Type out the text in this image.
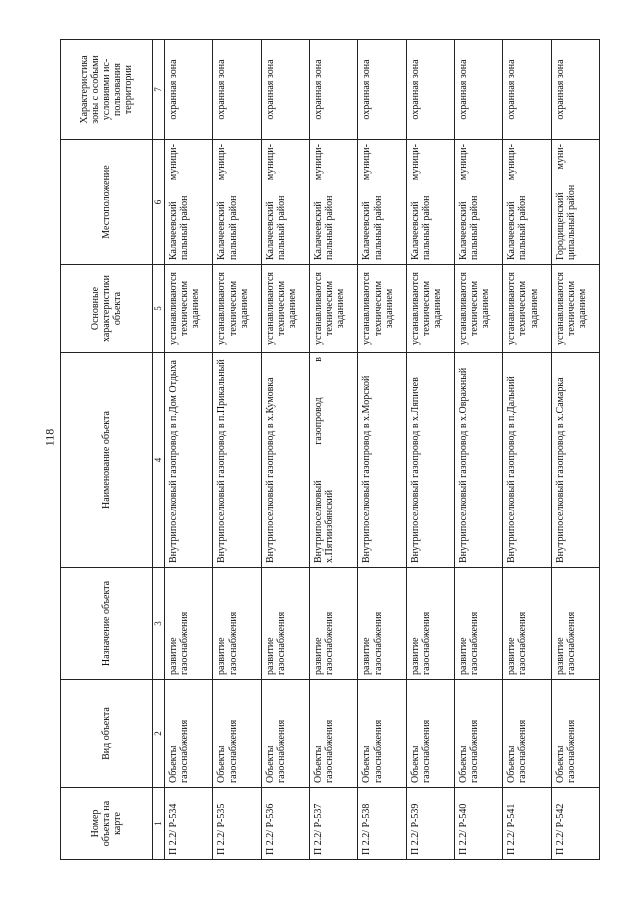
118
Номер объекта на карте	Вид объекта	Назначение объекта	Наименование объекта	Основные характеристики объекта	Местоположение	Характеристика зоны с особыми условиями ис-пользования территории
1	2	3	4	5	6	7
П 2.2/ Р-534	Объекты газоснабжения	развитие газоснабжения	Внутрипоселковый газопровод в п.Дом Отдыха	устанавливаются техническим заданием	Калачеевский муници-пальный район	охранная зона
П 2.2/ Р-535	Объекты газоснабжения	развитие газоснабжения	Внутрипоселковый газопровод в п.Прикальный	устанавливаются техническим заданием	Калачеевский муници-пальный район	охранная зона
П 2.2/ Р-536	Объекты газоснабжения	развитие газоснабжения	Внутрипоселковый газопровод в х.Кумовка	устанавливаются техническим заданием	Калачеевский муници-пальный район	охранная зона
П 2.2/ Р-537	Объекты газоснабжения	развитие газоснабжения	Внутрипоселковый газопровод в х.Пятиизбянский	устанавливаются техническим заданием	Калачеевский муници-пальный район	охранная зона
П 2.2/ Р-538	Объекты газоснабжения	развитие газоснабжения	Внутрипоселковый газопровод в х.Морской	устанавливаются техническим заданием	Калачеевский муници-пальный район	охранная зона
П 2.2/ Р-539	Объекты газоснабжения	развитие газоснабжения	Внутрипоселковый газопровод в х.Ляпичев	устанавливаются техническим заданием	Калачеевский муници-пальный район	охранная зона
П 2.2/ Р-540	Объекты газоснабжения	развитие газоснабжения	Внутрипоселковый газопровод в х.Овражный	устанавливаются техническим заданием	Калачеевский муници-пальный район	охранная зона
П 2.2/ Р-541	Объекты газоснабжения	развитие газоснабжения	Внутрипоселковый газопровод в п.Дальний	устанавливаются техническим заданием	Калачеевский муници-пальный район	охранная зона
П 2.2/ Р-542	Объекты газоснабжения	развитие газоснабжения	Внутрипоселковый газопровод в х.Самарка	устанавливаются техническим заданием	Городищенский муни-ципальный район	охранная зона
